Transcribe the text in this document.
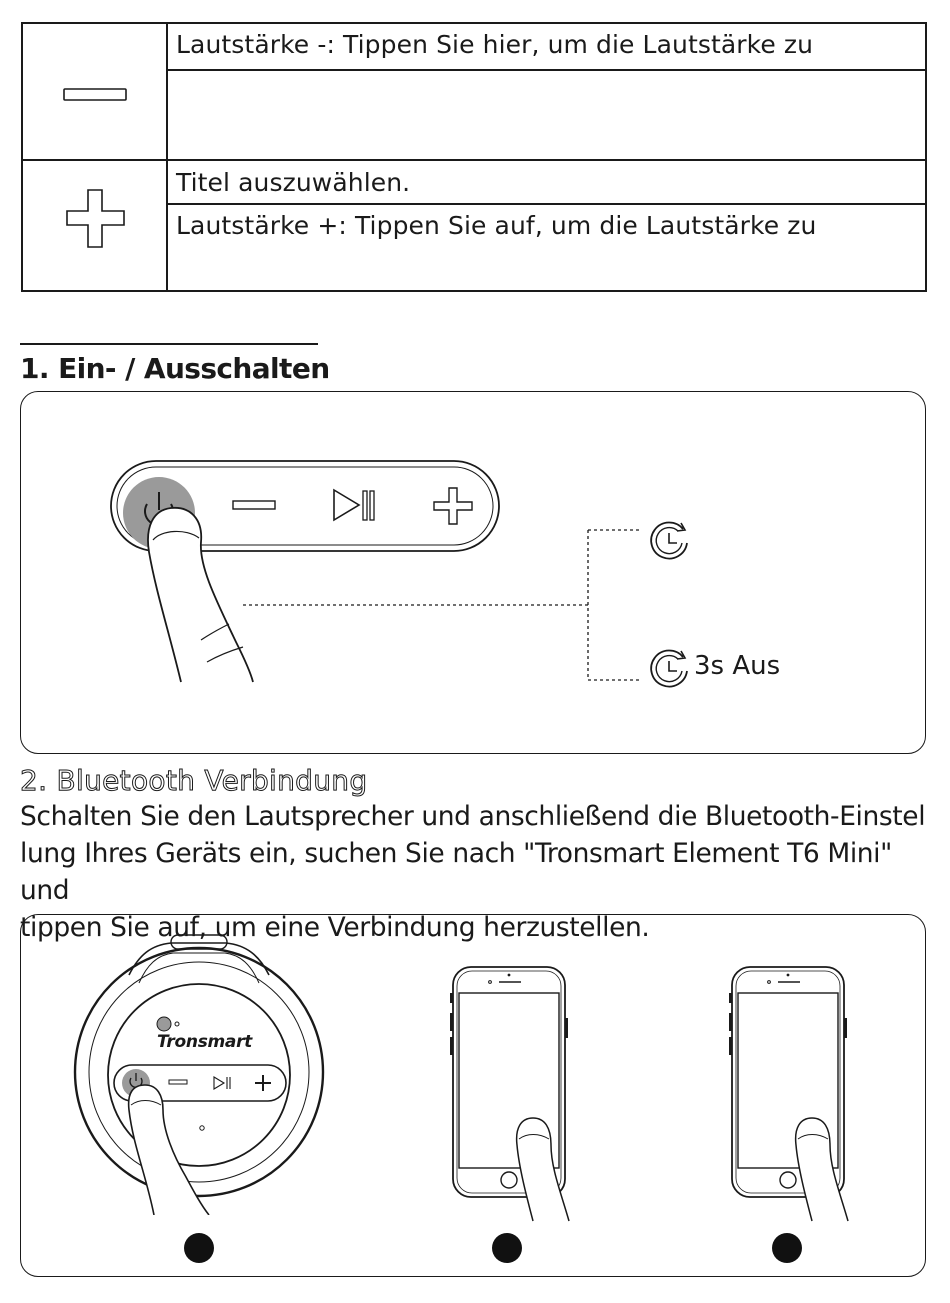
Lautstärke -: Tippen Sie hier, um die Lautstärke zu
Titel auszuwählen.
Lautstärke +: Tippen Sie auf, um die Lautstärke zu
1. Ein- / Ausschalten
3s Aus
2. Bluetooth Verbindung
Schalten Sie den Lautsprecher und anschließend die Bluetooth-Einstel
lung Ihres Geräts ein, suchen Sie nach "Tronsmart Element T6 Mini" und
tippen Sie auf, um eine Verbindung herzustellen.
Tronsmart
